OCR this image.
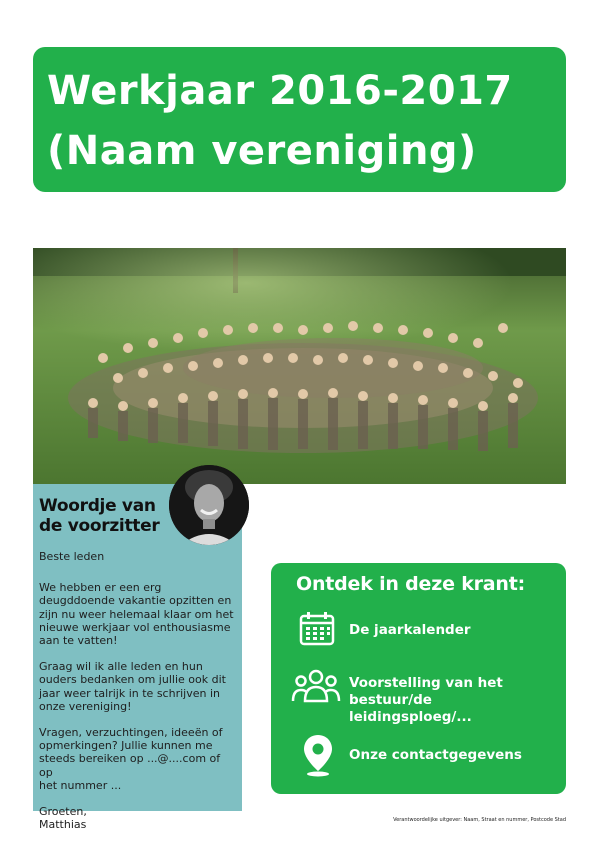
Werkjaar 2016-2017
(Naam vereniging)
Woordje van de voorzitter

Beste leden

We hebben er een erg
deugddoende vakantie opzitten en
zijn nu weer helemaal klaar om het
nieuwe werkjaar vol enthousiasme
aan te vatten!

Graag wil ik alle leden en hun
ouders bedanken om jullie ook dit
jaar weer talrijk in te schrijven in
onze vereniging!

Vragen, verzuchtingen, ideeën of
opmerkingen? Jullie kunnen me
steeds bereiken op ...@....com of op
het nummer ...

Groeten,
Matthias

Ontdek in deze krant:
De jaarkalender
Voorstelling van het bestuur/de leidingsploeg/...
Onze contactgegevens
Verantwoordelijke uitgever: Naam, Straat en nummer, Postcode Stad
